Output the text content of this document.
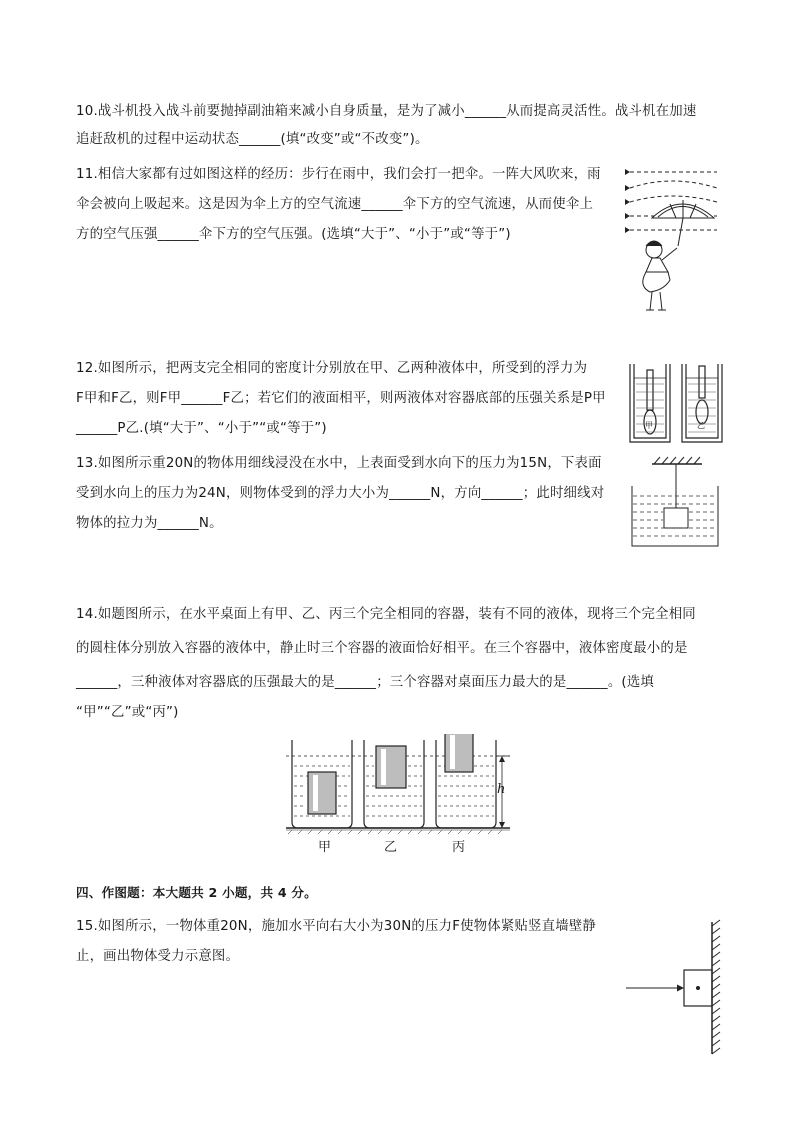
10.战斗机投入战斗前要抛掉副油箱来减小自身质量，是为了减小______从而提高灵活性。战斗机在加速
追赶敌机的过程中运动状态______(填“改变”或“不改变”)。
11.相信大家都有过如图这样的经历：步行在雨中，我们会打一把伞。一阵大风吹来，雨
伞会被向上吸起来。这是因为伞上方的空气流速______伞下方的空气流速，从而使伞上
方的空气压强______伞下方的空气压强。(选填“大于”、“小于”或“等于”)
12.如图所示，把两支完全相同的密度计分别放在甲、乙两种液体中，所受到的浮力为
F甲和F乙，则F甲______F乙；若它们的液面相平，则两液体对容器底部的压强关系是P甲
______P乙.(填“大于”、“小于”“或“等于”)	甲	乙
13.如图所示重20N的物体用细线浸没在水中，上表面受到水向下的压力为15N，下表面
受到水向上的压力为24N，则物体受到的浮力大小为______N，方向______；此时细线对
物体的拉力为______N。
14.如题图所示，在水平桌面上有甲、乙、丙三个完全相同的容器，装有不同的液体，现将三个完全相同
的圆柱体分别放入容器的液体中，静止时三个容器的液面恰好相平。在三个容器中，液体密度最小的是
______，三种液体对容器底的压强最大的是______；三个容器对桌面压力最大的是______。(选填
“甲”“乙”或“丙”)
h
甲	乙	丙
四、作图题：本大题共 2 小题，共 4 分。
15.如图所示，一物体重20N，施加水平向右大小为30N的压力F使物体紧贴竖直墙壁静
止，画出物体受力示意图。
